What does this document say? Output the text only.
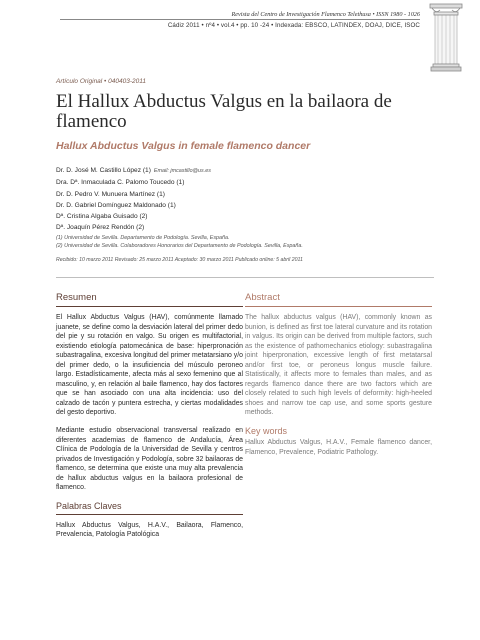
Revista del Centro de Investigación Flamenco Telethusa • ISSN 1980 - 1026
Cádiz 2011 • nº4 • vol.4 • pp. 10 -24 • Indexada: EBSCO, LATINDEX, DOAJ, DICE, ISOC
Artículo Original • 040403-2011
El Hallux Abductus Valgus en la bailaora de flamenco
Hallux Abductus Valgus in female flamenco dancer
Dr. D. José M. Castillo López (1) Email: jmcastillo@us.es
Dra. Dª. Inmaculada C. Palomo Toucedo (1)
Dr. D. Pedro V. Munuera Martínez (1)
Dr. D. Gabriel Domínguez Maldonado (1)
Dª. Cristina Algaba Guisado (2)
Dª. Joaquín Pérez Rendón (2)
(1) Universidad de Sevilla. Departamento de Podología. Sevilla, España.
(2) Universidad de Sevilla. Colaboradores Honorarios del Departamento de Podología. Sevilla, España.
Recibido: 10 marzo 2011 Revisado: 25 marzo 2011 Aceptado: 30 marzo 2011 Publicado online: 5 abril 2011
Resumen

El Hallux Abductus Valgus (HAV), comúnmente llamado juanete, se define como la desviación lateral del primer dedo del pie y su rotación en valgo. Su origen es multifactorial, existiendo etiología patomecánica de base: hiperpronación subastragalina, excesiva longitud del primer metatarsiano y/o del primer dedo, o la insuficiencia del músculo peroneo largo. Estadísticamente, afecta más al sexo femenino que al masculino, y, en relación al baile flamenco, hay dos factores que se han asociado con una alta incidencia: uso del calzado de tacón y puntera estrecha, y ciertas modalidades del gesto deportivo.

Mediante estudio observacional transversal realizado en diferentes academias de flamenco de Andalucía, Área Clínica de Podología de la Universidad de Sevilla y centros privados de Investigación y Podología, sobre 32 bailaoras de flamenco, se determina que existe una muy alta prevalencia de hallux abductus valgus en la bailaora profesional de flamenco.

Palabras Claves

Hallux Abductus Valgus, H.A.V., Bailaora, Flamenco, Prevalencia, Patología Patológica

Abstract

The hallux abductus valgus (HAV), commonly known as bunion, is defined as first toe lateral curvature and its rotation in valgus. Its origin can be derived from multiple factors, such as the existence of pathomechanics etiology: subastragalina joint hiperpronation, excessive length of first metatarsal and/or first toe, or peroneus longus muscle failure. Statistically, it affects more to females than males, and as regards flamenco dance there are two factors which are closely related to such high levels of deformity: high-heeled shoes and narrow toe cap use, and some sports gesture methods.

Key words

Hallux Abductus Valgus, H.A.V., Female flamenco dancer, Flamenco, Prevalence, Podiatric Pathology.
